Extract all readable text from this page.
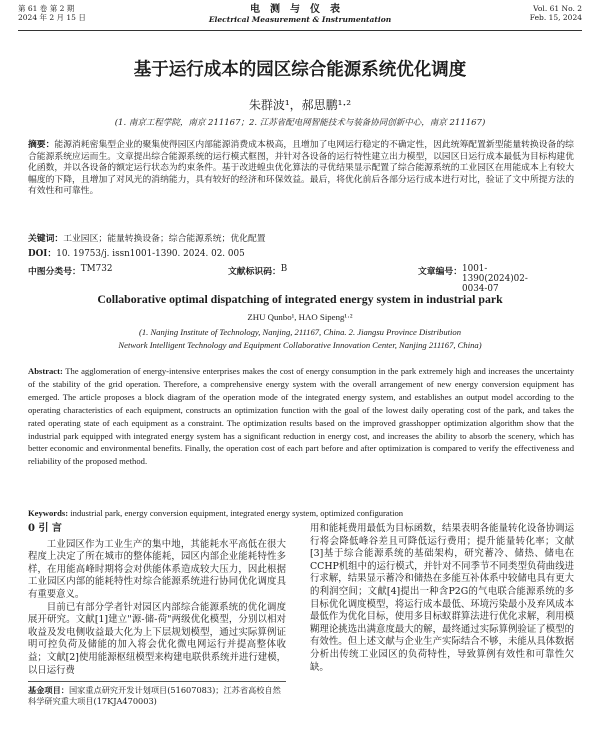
第 61 卷 第 2 期
2024 年 2 月 15 日
电测与仪表
Electrical Measurement & Instrumentation
Vol. 61 No. 2
Feb. 15, 2024
基于运行成本的园区综合能源系统优化调度
朱群波¹，郝思鹏¹·²
(1. 南京工程学院，南京 211167；2. 江苏省配电网智能技术与装备协同创新中心，南京 211167)
摘要：能源消耗密集型企业的聚集使得园区内部能源消费成本极高，且增加了电网运行稳定的不确定性，因此统筹配置新型能量转换设备的综合能源系统应运而生。文章提出综合能源系统的运行模式框图，并针对各设备的运行特性建立出力模型，以园区日运行成本最低为目标构建优化函数，并以各设备的额定运行状态为约束条件。基于改进蝗虫优化算法的寻优结果显示配置了综合能源系统的工业园区在用能成本上有较大幅度的下降，且增加了对风光的消纳能力，具有较好的经济和环保效益。最后，将优化前后各部分运行成本进行对比，验证了文中所提方法的有效性和可靠性。
关键词：工业园区；能量转换设备；综合能源系统；优化配置
DOI：10. 19753/j. issn1001-1390. 2024. 02. 005
中图分类号： TM732	文献标识码： B	文章编号： 1001-1390(2024)02-0034-07
Collaborative optimal dispatching of integrated energy system in industrial park
ZHU Qunbo¹, HAO Sipeng¹·²
(1. Nanjing Institute of Technology, Nanjing, 211167, China. 2. Jiangsu Province Distribution
Network Intelligent Technology and Equipment Collaborative Innovation Center, Nanjing 211167, China)
Abstract: The agglomeration of energy-intensive enterprises makes the cost of energy consumption in the park extremely high and increases the uncertainty of the stability of the grid operation. Therefore, a comprehensive energy system with the overall arrangement of new energy conversion equipment has emerged. The article proposes a block diagram of the operation mode of the integrated energy system, and establishes an output model according to the operating characteristics of each equipment, constructs an optimization function with the goal of the lowest daily operating cost of the park, and takes the rated operating state of each equipment as a constraint. The optimization results based on the improved grasshopper optimization algorithm show that the industrial park equipped with integrated energy system has a significant reduction in energy cost, and increases the ability to absorb the scenery, which has better economic and environmental benefits. Finally, the operation cost of each part before and after optimization is compared to verify the effectiveness and reliability of the proposed method.
Keywords: industrial park, energy conversion equipment, integrated energy system, optimized configuration
0 引 言

工业园区作为工业生产的集中地，其能耗水平高低在很大程度上决定了所在城市的整体能耗，园区内部企业能耗特性多样，在用能高峰时期将会对供能体系造成较大压力，因此根据工业园区内部的能耗特性对综合能源系统进行协同优化调度具有重要意义。

目前已有部分学者针对园区内部综合能源系统的优化调度展开研究。文献[1]建立"源-储-荷"两级优化模型，分别以相对收益及发电侧收益最大化为上下层规划模型，通过实际算例证明可控负荷及储能的加入将会优化微电网运行并提高整体收益；文献[2]使用能源枢纽模型来构建电联供系统并进行建模，以日运行费

用和能耗费用最低为目标函数，结果表明各能量转化设备协调运行将会降低峰谷差且可降低运行费用；提升能量转化率；文献[3]基于综合能源系统的基础架构，研究蓄冷、储热、储电在CCHP机组中的运行模式，并针对不同季节不同类型负荷曲线进行求解，结果显示蓄冷和储热在多能互补体系中较储电具有更大的利润空间；文献[4]提出一种含P2G的气电联合能源系统的多目标优化调度模型，将运行成本最低、环境污染最小及弃风成本最低作为优化目标，使用多目标蚁群算法进行优化求解，利用模糊理论挑选出满意度最大的解，最终通过实际算例验证了模型的有效性。但上述文献与企业生产实际结合不够，未能从具体数据分析出传统工业园区的负荷特性，导致算例有效性和可靠性欠缺。

基金项目：国家重点研究开发计划项目(51607083)；江苏省高校自然科学研究重大项目(17KJA470003)
